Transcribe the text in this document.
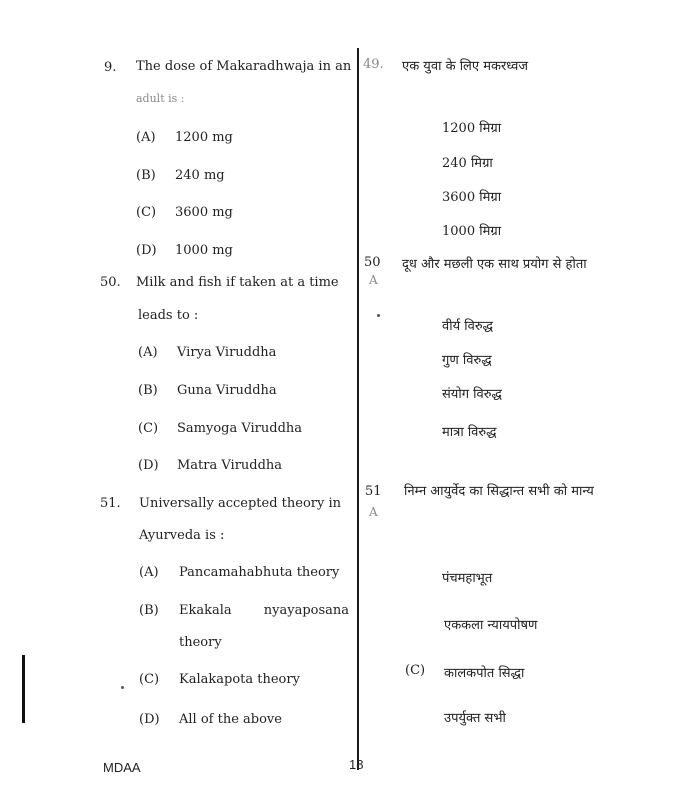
9. The dose of Makaradhwaja in an
adult is :
(A) 1200 mg
(B) 240 mg
(C) 3600 mg
(D) 1000 mg
50. Milk and fish if taken at a time
leads to :
(A) Virya Viruddha
(B) Guna Viruddha
(C) Samyoga Viruddha
(D) Matra Viruddha
51. Universally accepted theory in
Ayurveda is :
(A) Pancamahabhuta theory
(B) Ekakala nyayaposana
theory
(C) Kalakapota theory
(D) All of the above
49. एक युवा के लिए मकरध्वज
1200 मिग्रा
240 मिग्रा
3600 मिग्रा
1000 मिग्रा
50
A
दूध और मछली एक साथ प्रयोग से होता
वीर्य विरुद्ध
गुण विरुद्ध
संयोग विरुद्ध
मात्रा विरुद्ध
51
A
निम्न आयुर्वेद का सिद्धान्त सभी को मान्य
पंचमहाभूत
एककला न्यायपोषण
(C) कालकपोत सिद्धा
उपर्युक्त सभी
MDAA	18
